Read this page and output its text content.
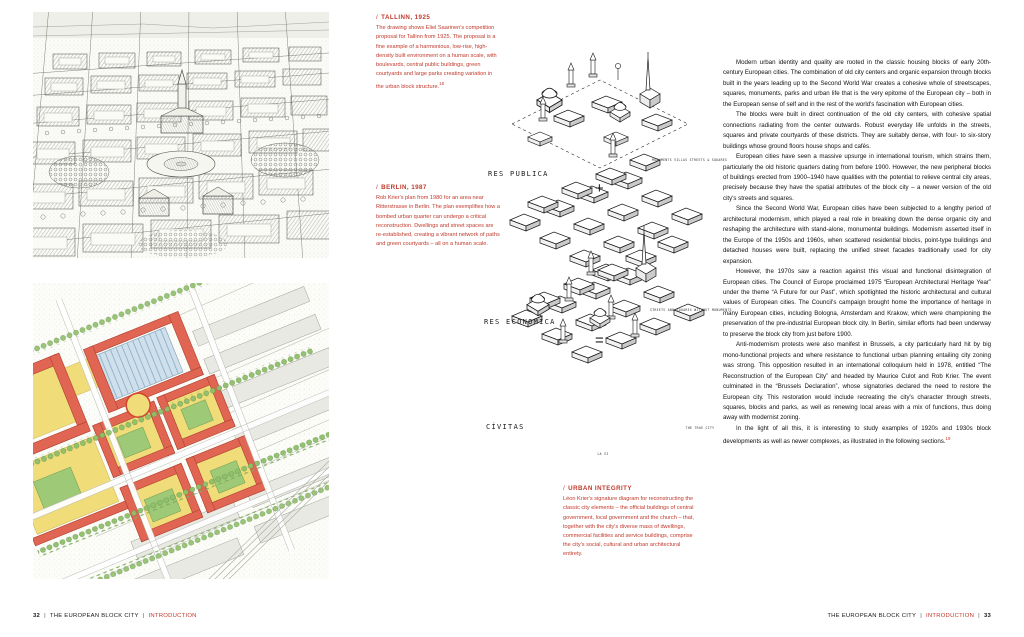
/ TALLINN, 1925
The drawing shows Eliel Saarinen's competition proposal for Tallinn from 1925. The proposal is a fine example of a harmonious, low-rise, high-density built environment on a human scale, with boulevards, central public buildings, green courtyards and large parks creating variation in the urban block structure.$^{18}$
/ BERLIN, 1987
Rob Krier's plan from 1980 for an area near Ritterstrasse in Berlin. The plan exemplifies how a bombed urban quarter can undergo a critical reconstruction. Dwellings and street spaces are re-established, creating a vibrant network of paths and green courtyards – all on a human scale.
RES PUBLICA
RES ECONOMÍCA
CÍVITAS
+
=
MONUMENTS VILLAS STREETS & SQUARES
STREETS AND SQUARES WITHOUT MONUMENTS
THE TRUE CITY
LA VI
/ URBAN INTEGRITY
Léon Krier's signature diagram for reconstructing the classic city elements – the official buildings of central government, local government and the church – that, together with the city's diverse mass of dwellings, commercial facilities and service buildings, comprise the city's social, cultural and urban architectural entirety.

Modern urban identity and quality are rooted in the classic housing blocks of early 20th-century European cities. The combination of old city centers and organic expansion through blocks built in the years leading up to the Second World War creates a cohesive whole of streetscapes, squares, monuments, parks and urban life that is the very epitome of the European city – both in the European sense of self and in the rest of the world's fascination with European cities.

The blocks were built in direct continuation of the old city centers, with cohesive spatial connections radiating from the center outwards. Robust everyday life unfolds in the streets, squares and private courtyards of these districts. They are suitably dense, with four- to six-story buildings whose ground floors house shops and cafés.

European cities have seen a massive upsurge in international tourism, which strains them, particularly the old historic quarters dating from before 1900. However, the new peripheral blocks of buildings erected from 1900–1940 have qualities with the potential to relieve central city areas, precisely because they have the spatial attributes of the block city – a newer version of the old city's streets and squares.

Since the Second World War, European cities have been subjected to a lengthy period of architectural modernism, which played a real role in breaking down the dense organic city and reshaping the architecture with stand-alone, monumental buildings. Modernism asserted itself in the Europe of the 1950s and 1960s, when scattered residential blocks, point-type buildings and detached houses were built, replacing the unified street facades traditionally used for city expansion.

However, the 1970s saw a reaction against this visual and functional disintegration of European cities. The Council of Europe proclaimed 1975 “European Architectural Heritage Year” under the theme “A Future for our Past”, which spotlighted the historic architectural and cultural values of European cities. The Council's campaign brought home the importance of heritage in many European cities, including Bologna, Amsterdam and Krakow, which were championing the preservation of the pre-industrial European block city. In Berlin, similar efforts had been underway to preserve the block city from just before 1900.

Anti-modernism protests were also manifest in Brussels, a city particularly hard hit by big mono-functional projects and where resistance to functional urban planning entailing city zoning was strong. This opposition resulted in an international colloquium held in 1978, entitled “The Reconstruction of the European City” and headed by Maurice Culot and Rob Krier. The event culminated in the “Brussels Declaration”, whose signatories declared the need to restore the European city. This restoration would include recreating the city's character through streets, squares, blocks and parks, as well as renewing local areas with a mix of functions, thus doing away with modernist zoning.

In the light of all this, it is interesting to study examples of 1920s and 1930s block developments as well as newer complexes, as illustrated in the following sections.$^{19}$

32 | THE EUROPEAN BLOCK CITY | INTRODUCTION	THE EUROPEAN BLOCK CITY | INTRODUCTION | 33
